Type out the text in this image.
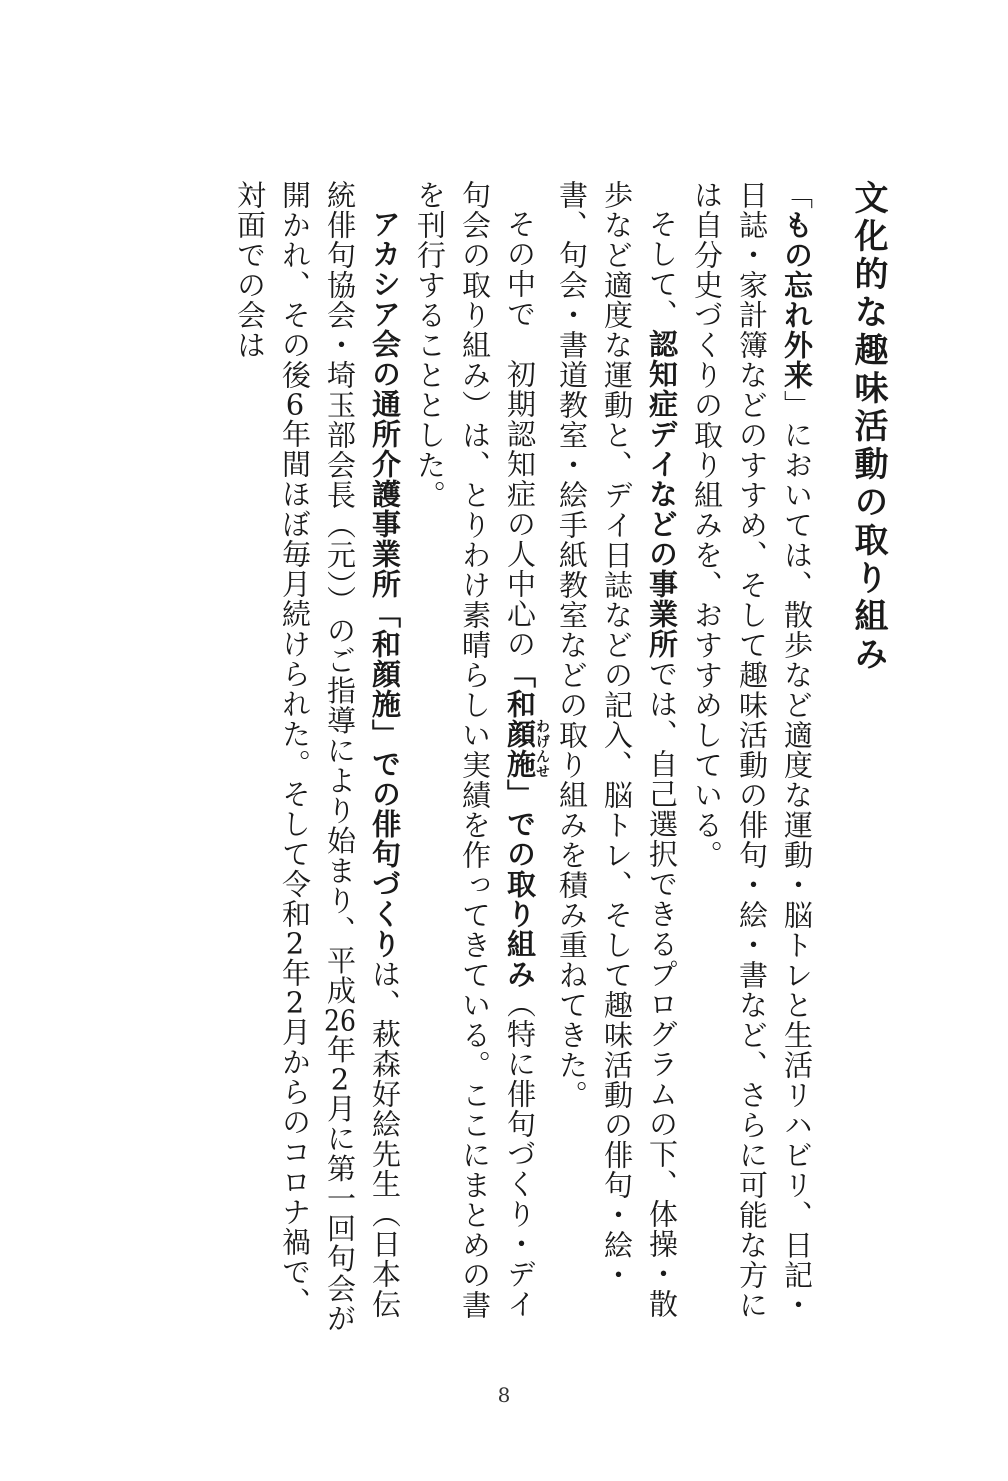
文化的な趣味活動の取り組み

「もの忘れ外来」においては、散歩など適度な運動・脳トレと生活リハビリ、日記・日誌・家計簿などのすすめ、そして趣味活動の俳句・絵・書など、さらに可能な方には自分史づくりの取り組みを、おすすめしている。

そして、認知症デイなどの事業所では、自己選択できるプログラムの下、体操・散歩など適度な運動と、デイ日誌などの記入、脳トレ、そして趣味活動の俳句・絵・書、句会・書道教室・絵手紙教室などの取り組みを積み重ねてきた。

その中で　初期認知症の人中心の「和顔施わげんせ」での取り組み（特に俳句づくり・デイ句会の取り組み）は、とりわけ素晴らしい実績を作ってきている。ここにまとめの書を刊行することとした。

アカシア会の通所介護事業所「和顔施」での俳句づくりは、萩森好絵先生（日本伝統俳句協会・埼玉部会長（元））のご指導により始まり、平成26年2月に第一回句会が開かれ、その後6年間ほぼ毎月続けられた。そして令和2年2月からのコロナ禍で、対面での会は

8
